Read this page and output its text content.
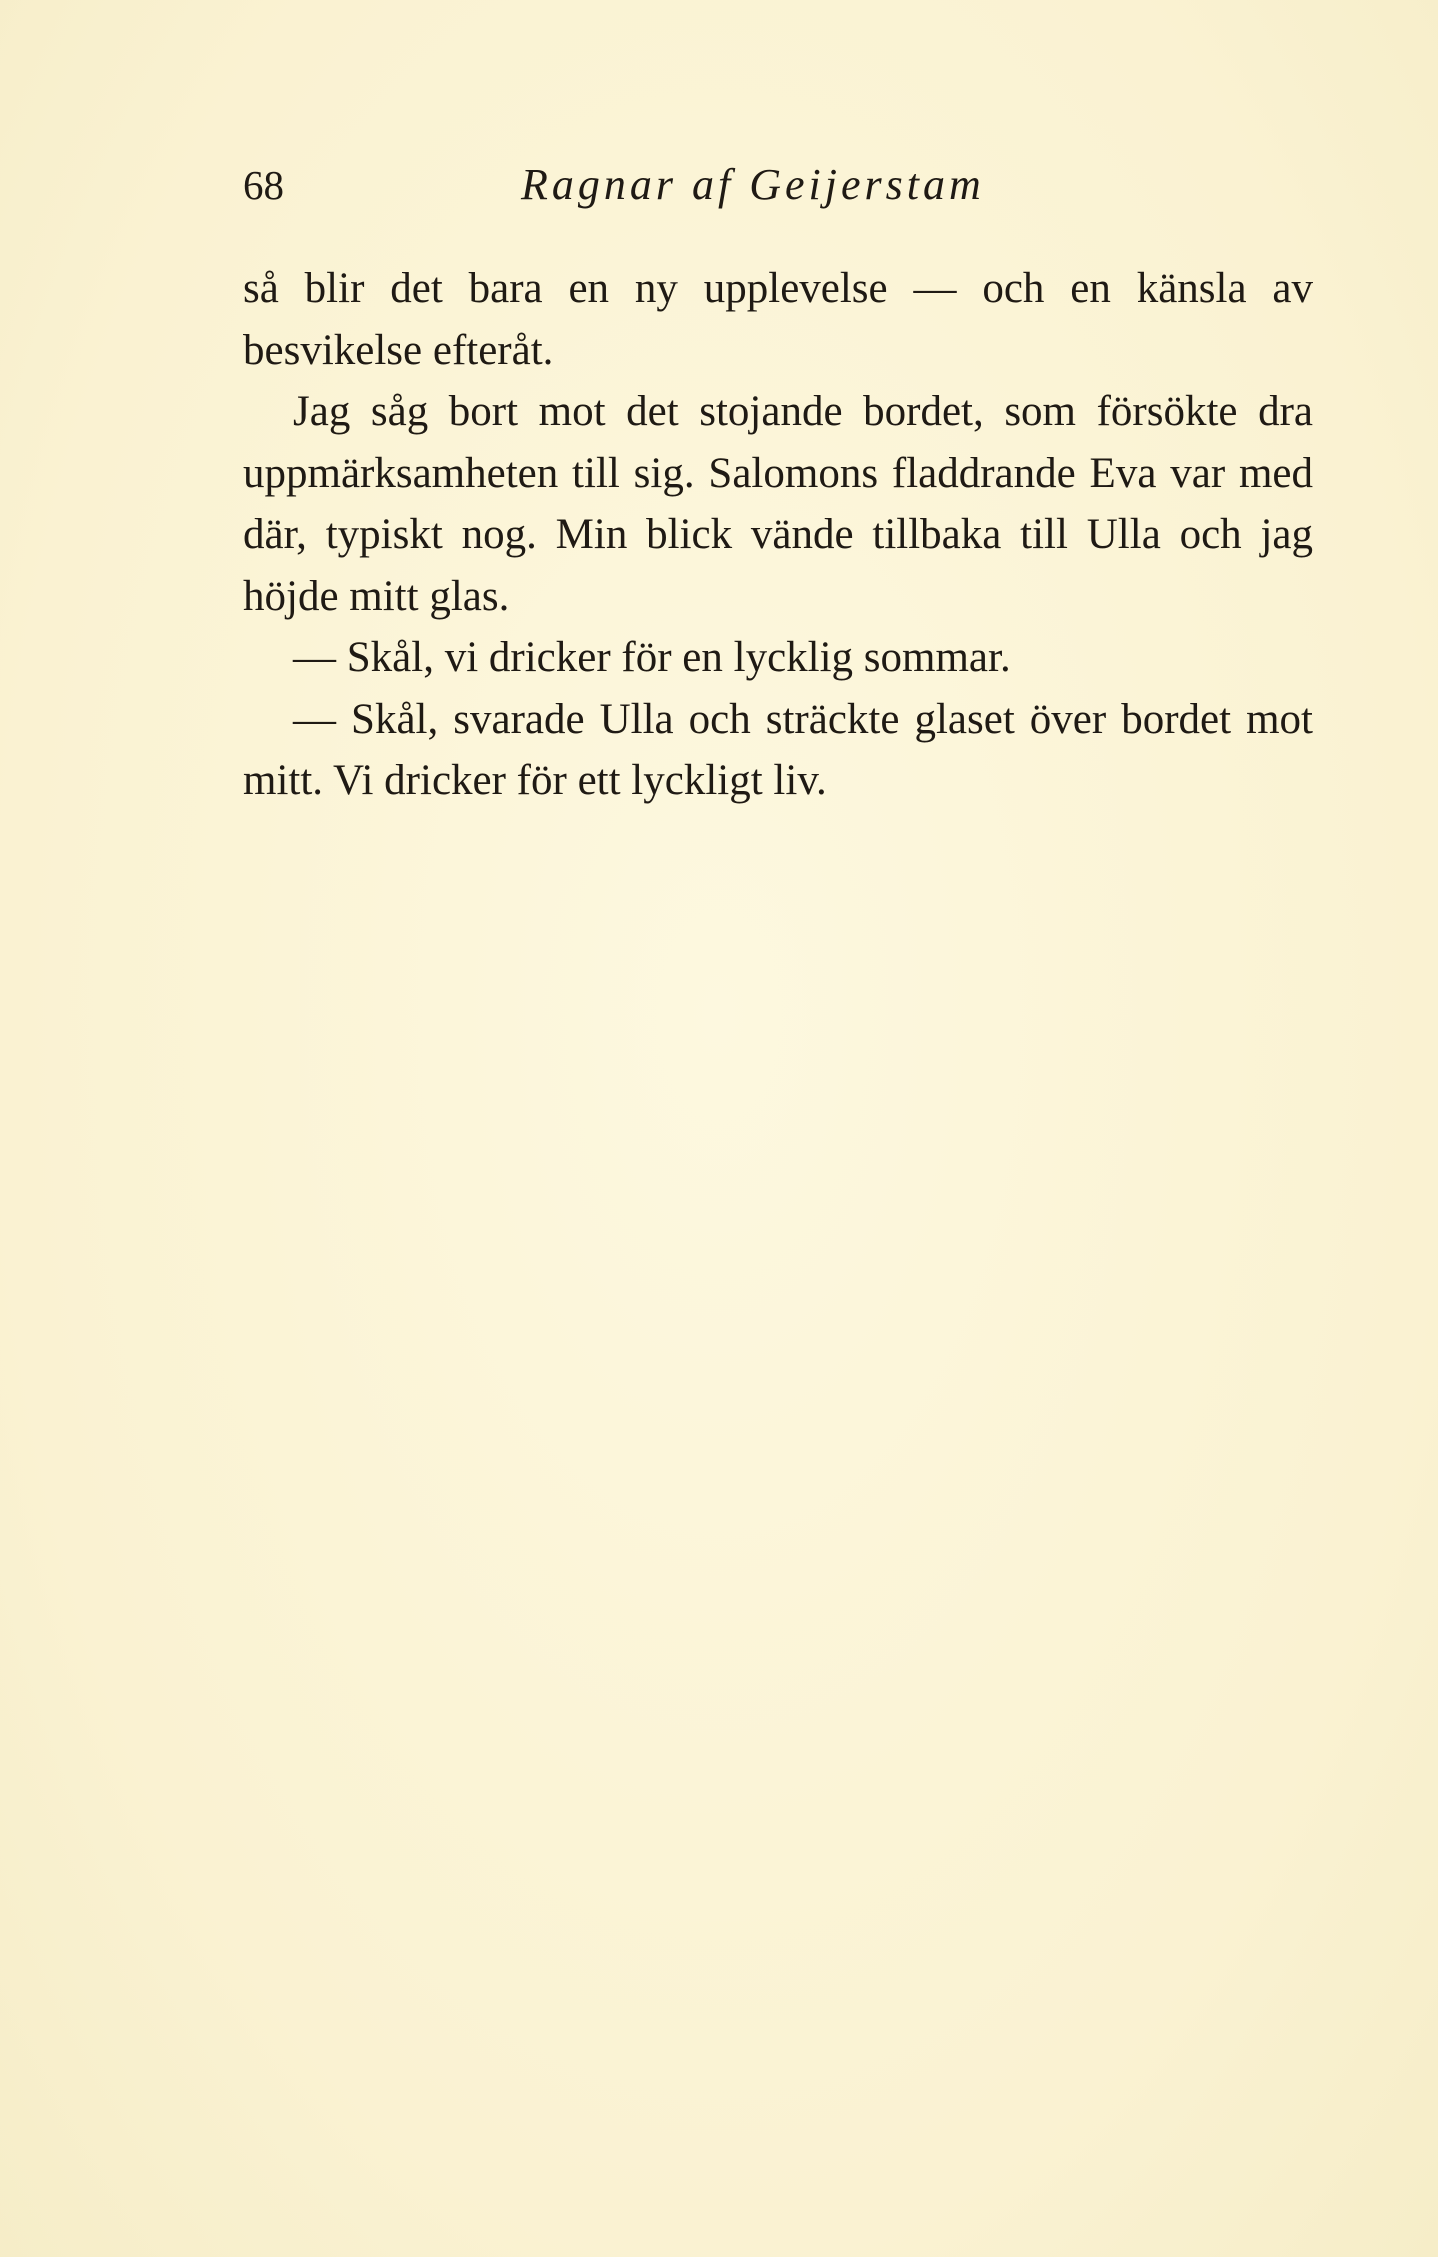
68	Ragnar af Geijerstam

så blir det bara en ny upplevelse — och en känsla av besvikelse efteråt.

Jag såg bort mot det stojande bordet, som försökte dra uppmärksamheten till sig. Salomons fladdrande Eva var med där, typiskt nog. Min blick vände tillbaka till Ulla och jag höjde mitt glas.

— Skål, vi dricker för en lycklig sommar.

— Skål, svarade Ulla och sträckte glaset över bordet mot mitt. Vi dricker för ett lyckligt liv.
